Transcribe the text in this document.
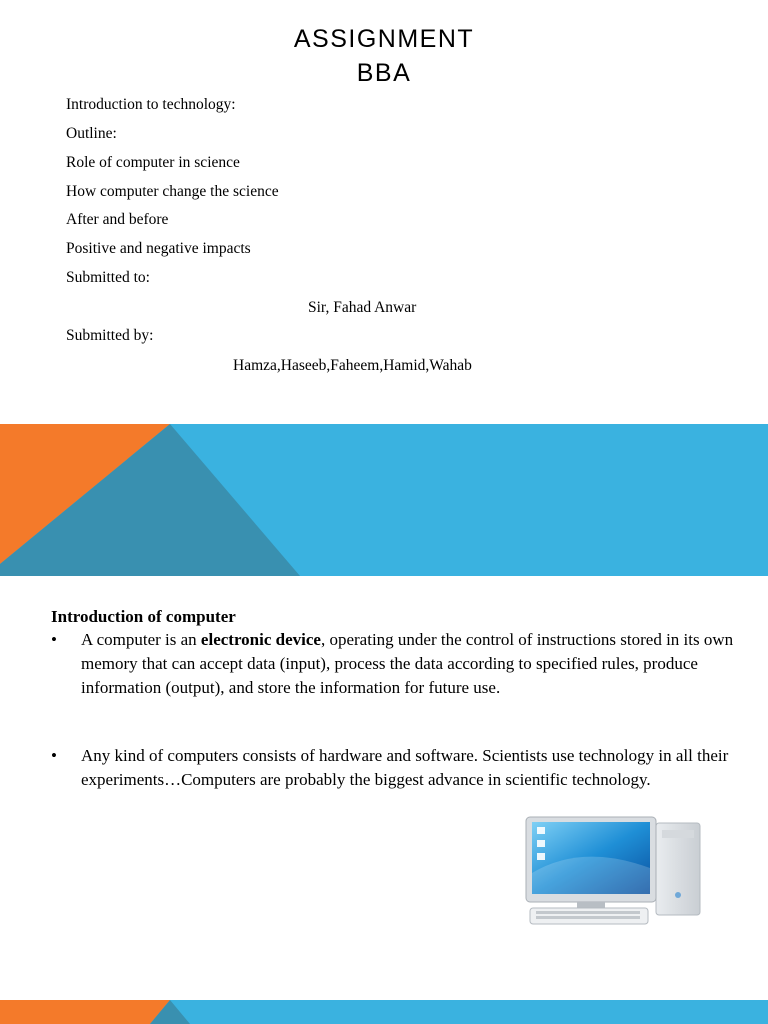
ASSIGNMENT
BBA
Introduction to technology:
Outline:
Role of computer in science
How computer change the science
After and before
Positive and negative impacts
Submitted to:
Sir, Fahad Anwar
Submitted by:
Hamza,Haseeb,Faheem,Hamid,Wahab
Introduction of computer
• A computer is an electronic device, operating under the control of instructions stored in its own memory that can accept data (input), process the data according to specified rules, produce information (output), and store the information for future use.
• Any kind of computers consists of hardware and software. Scientists use technology in all their experiments…Computers are probably the biggest advance in scientific technology.
